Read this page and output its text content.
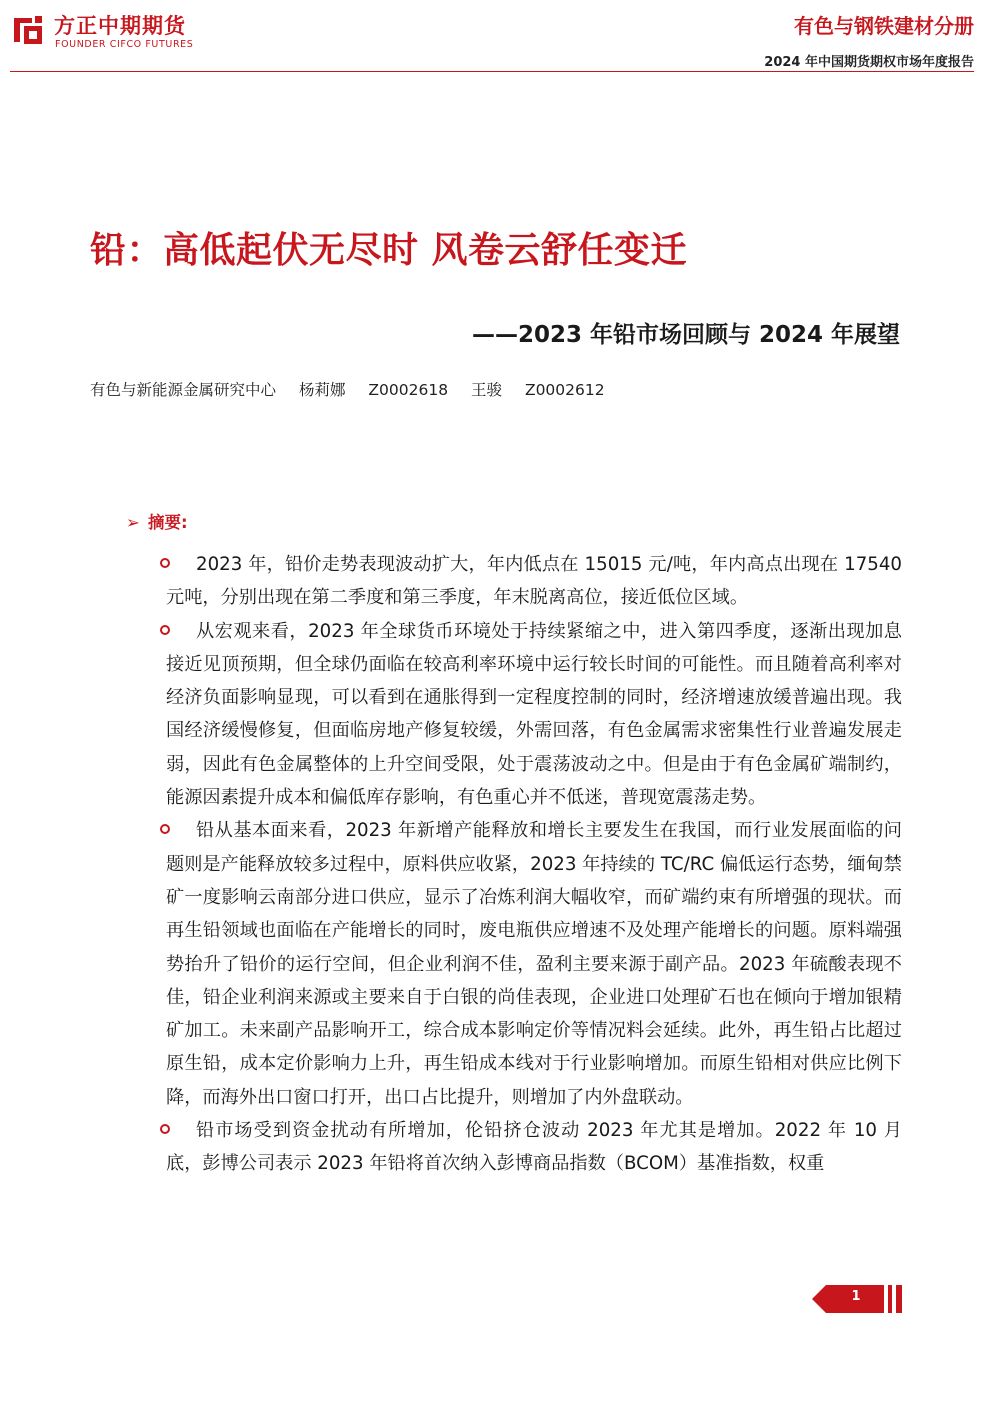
方正中期期货
FOUNDER CIFCO FUTURES
有色与钢铁建材分册
2024 年中国期货期权市场年度报告
铅：高低起伏无尽时 风卷云舒任变迁
——2023 年铅市场回顾与 2024 年展望
有色与新能源金属研究中心 杨莉娜 Z0002618 王骏 Z0002612
➢ 摘要:
2023 年，铅价走势表现波动扩大，年内低点在 15015 元/吨，年内高点出现在 17540 元吨，分别出现在第二季度和第三季度，年末脱离高位，接近低位区域。
从宏观来看，2023 年全球货币环境处于持续紧缩之中，进入第四季度，逐渐出现加息接近见顶预期，但全球仍面临在较高利率环境中运行较长时间的可能性。而且随着高利率对经济负面影响显现，可以看到在通胀得到一定程度控制的同时，经济增速放缓普遍出现。我国经济缓慢修复，但面临房地产修复较缓，外需回落，有色金属需求密集性行业普遍发展走弱，因此有色金属整体的上升空间受限，处于震荡波动之中。但是由于有色金属矿端制约，能源因素提升成本和偏低库存影响，有色重心并不低迷，普现宽震荡走势。
铅从基本面来看，2023 年新增产能释放和增长主要发生在我国，而行业发展面临的问题则是产能释放较多过程中，原料供应收紧，2023 年持续的 TC/RC 偏低运行态势，缅甸禁矿一度影响云南部分进口供应，显示了冶炼利润大幅收窄，而矿端约束有所增强的现状。而再生铅领域也面临在产能增长的同时，废电瓶供应增速不及处理产能增长的问题。原料端强势抬升了铅价的运行空间，但企业利润不佳，盈利主要来源于副产品。2023 年硫酸表现不佳，铅企业利润来源或主要来自于白银的尚佳表现，企业进口处理矿石也在倾向于增加银精矿加工。未来副产品影响开工，综合成本影响定价等情况料会延续。此外，再生铅占比超过原生铅，成本定价影响力上升，再生铅成本线对于行业影响增加。而原生铅相对供应比例下降，而海外出口窗口打开，出口占比提升，则增加了内外盘联动。
铅市场受到资金扰动有所增加，伦铅挤仓波动 2023 年尤其是增加。2022 年 10 月底，彭博公司表示 2023 年铅将首次纳入彭博商品指数（BCOM）基准指数，权重
1
